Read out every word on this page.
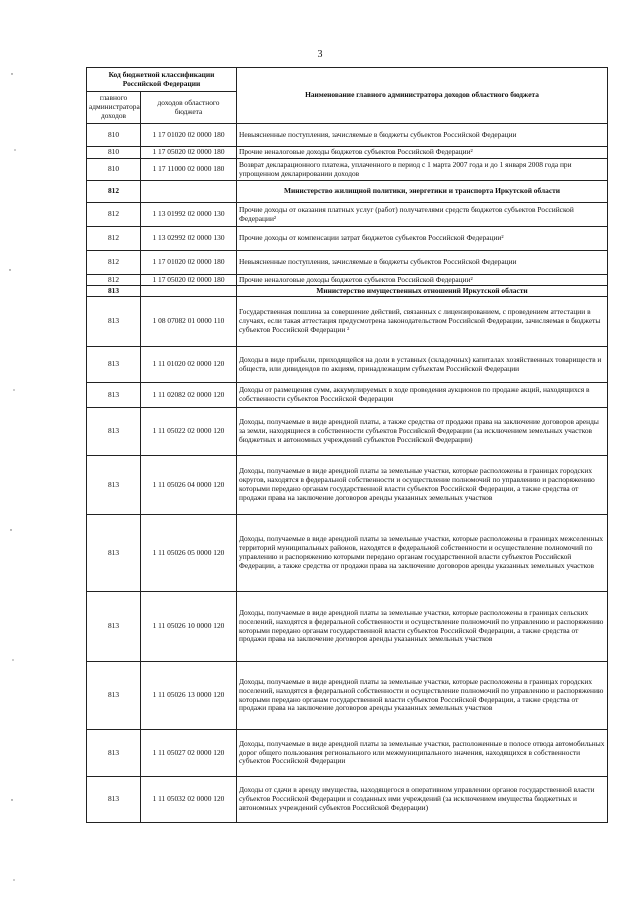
3
Код бюджетной классификации Российской Федерации		Наименование главного администратора доходов областного бюджета
главного администратора доходов	доходов областного бюджета	
810	1 17 01020 02 0000 180	Невыясненные поступления, зачисляемые в бюджеты субъектов Российской Федерации
810	1 17 05020 02 0000 180	Прочие неналоговые доходы бюджетов субъектов Российской Федерации²
810	1 17 11000 02 0000 180	Возврат декларационного платежа, уплаченного в период с 1 марта 2007 года и до 1 января 2008 года при упрощенном декларировании доходов
812		Министерство жилищной политики, энергетики и транспорта Иркутской области
812	1 13 01992 02 0000 130	Прочие доходы от оказания платных услуг (работ) получателями средств бюджетов субъектов Российской Федерации²
812	1 13 02992 02 0000 130	Прочие доходы от компенсации затрат бюджетов субъектов Российской Федерации²
812	1 17 01020 02 0000 180	Невыясненные поступления, зачисляемые в бюджеты субъектов Российской Федерации
812	1 17 05020 02 0000 180	Прочие неналоговые доходы бюджетов субъектов Российской Федерации²
813		Министерство имущественных отношений Иркутской области
813	1 08 07082 01 0000 110	Государственная пошлина за совершение действий, связанных с лицензированием, с проведением аттестации в случаях, если такая аттестация предусмотрена законодательством Российской Федерации, зачисляемая в бюджеты субъектов Российской Федерации ²
813	1 11 01020 02 0000 120	Доходы в виде прибыли, приходящейся на доли в уставных (складочных) капиталах хозяйственных товариществ и обществ, или дивидендов по акциям, принадлежащим субъектам Российской Федерации
813	1 11 02082 02 0000 120	Доходы от размещения сумм, аккумулируемых в ходе проведения аукционов по продаже акций, находящихся в собственности субъектов Российской Федерации
813	1 11 05022 02 0000 120	Доходы, получаемые в виде арендной платы, а также средства от продажи права на заключение договоров аренды за земли, находящиеся в собственности субъектов Российской Федерации (за исключением земельных участков бюджетных и автономных учреждений субъектов Российской Федерации)
813	1 11 05026 04 0000 120	Доходы, получаемые в виде арендной платы за земельные участки, которые расположены в границах городских округов, находятся в федеральной собственности и осуществление полномочий по управлению и распоряжению которыми передано органам государственной власти субъектов Российской Федерации, а также средства от продажи права на заключение договоров аренды указанных земельных участков
813	1 11 05026 05 0000 120	Доходы, получаемые в виде арендной платы за земельные участки, которые расположены в границах межселенных территорий муниципальных районов, находятся в федеральной собственности и осуществление полномочий по управлению и распоряжению которыми передано органам государственной власти субъектов Российской Федерации, а также средства от продажи права на заключение договоров аренды указанных земельных участков
813	1 11 05026 10 0000 120	Доходы, получаемые в виде арендной платы за земельные участки, которые расположены в границах сельских поселений, находятся в федеральной собственности и осуществление полномочий по управлению и распоряжению которыми передано органам государственной власти субъектов Российской Федерации, а также средства от продажи права на заключение договоров аренды указанных земельных участков
813	1 11 05026 13 0000 120	Доходы, получаемые в виде арендной платы за земельные участки, которые расположены в границах городских поселений, находятся в федеральной собственности и осуществление полномочий по управлению и распоряжению которыми передано органам государственной власти субъектов Российской Федерации, а также средства от продажи права на заключение договоров аренды указанных земельных участков
813	1 11 05027 02 0000 120	Доходы, получаемые в виде арендной платы за земельные участки, расположенные в полосе отвода автомобильных дорог общего пользования регионального или межмуниципального значения, находящихся в собственности субъектов Российской Федерации
813	1 11 05032 02 0000 120	Доходы от сдачи в аренду имущества, находящегося в оперативном управлении органов государственной власти субъектов Российской Федерации и созданных ими учреждений (за исключением имущества бюджетных и автономных учреждений субъектов Российской Федерации)
